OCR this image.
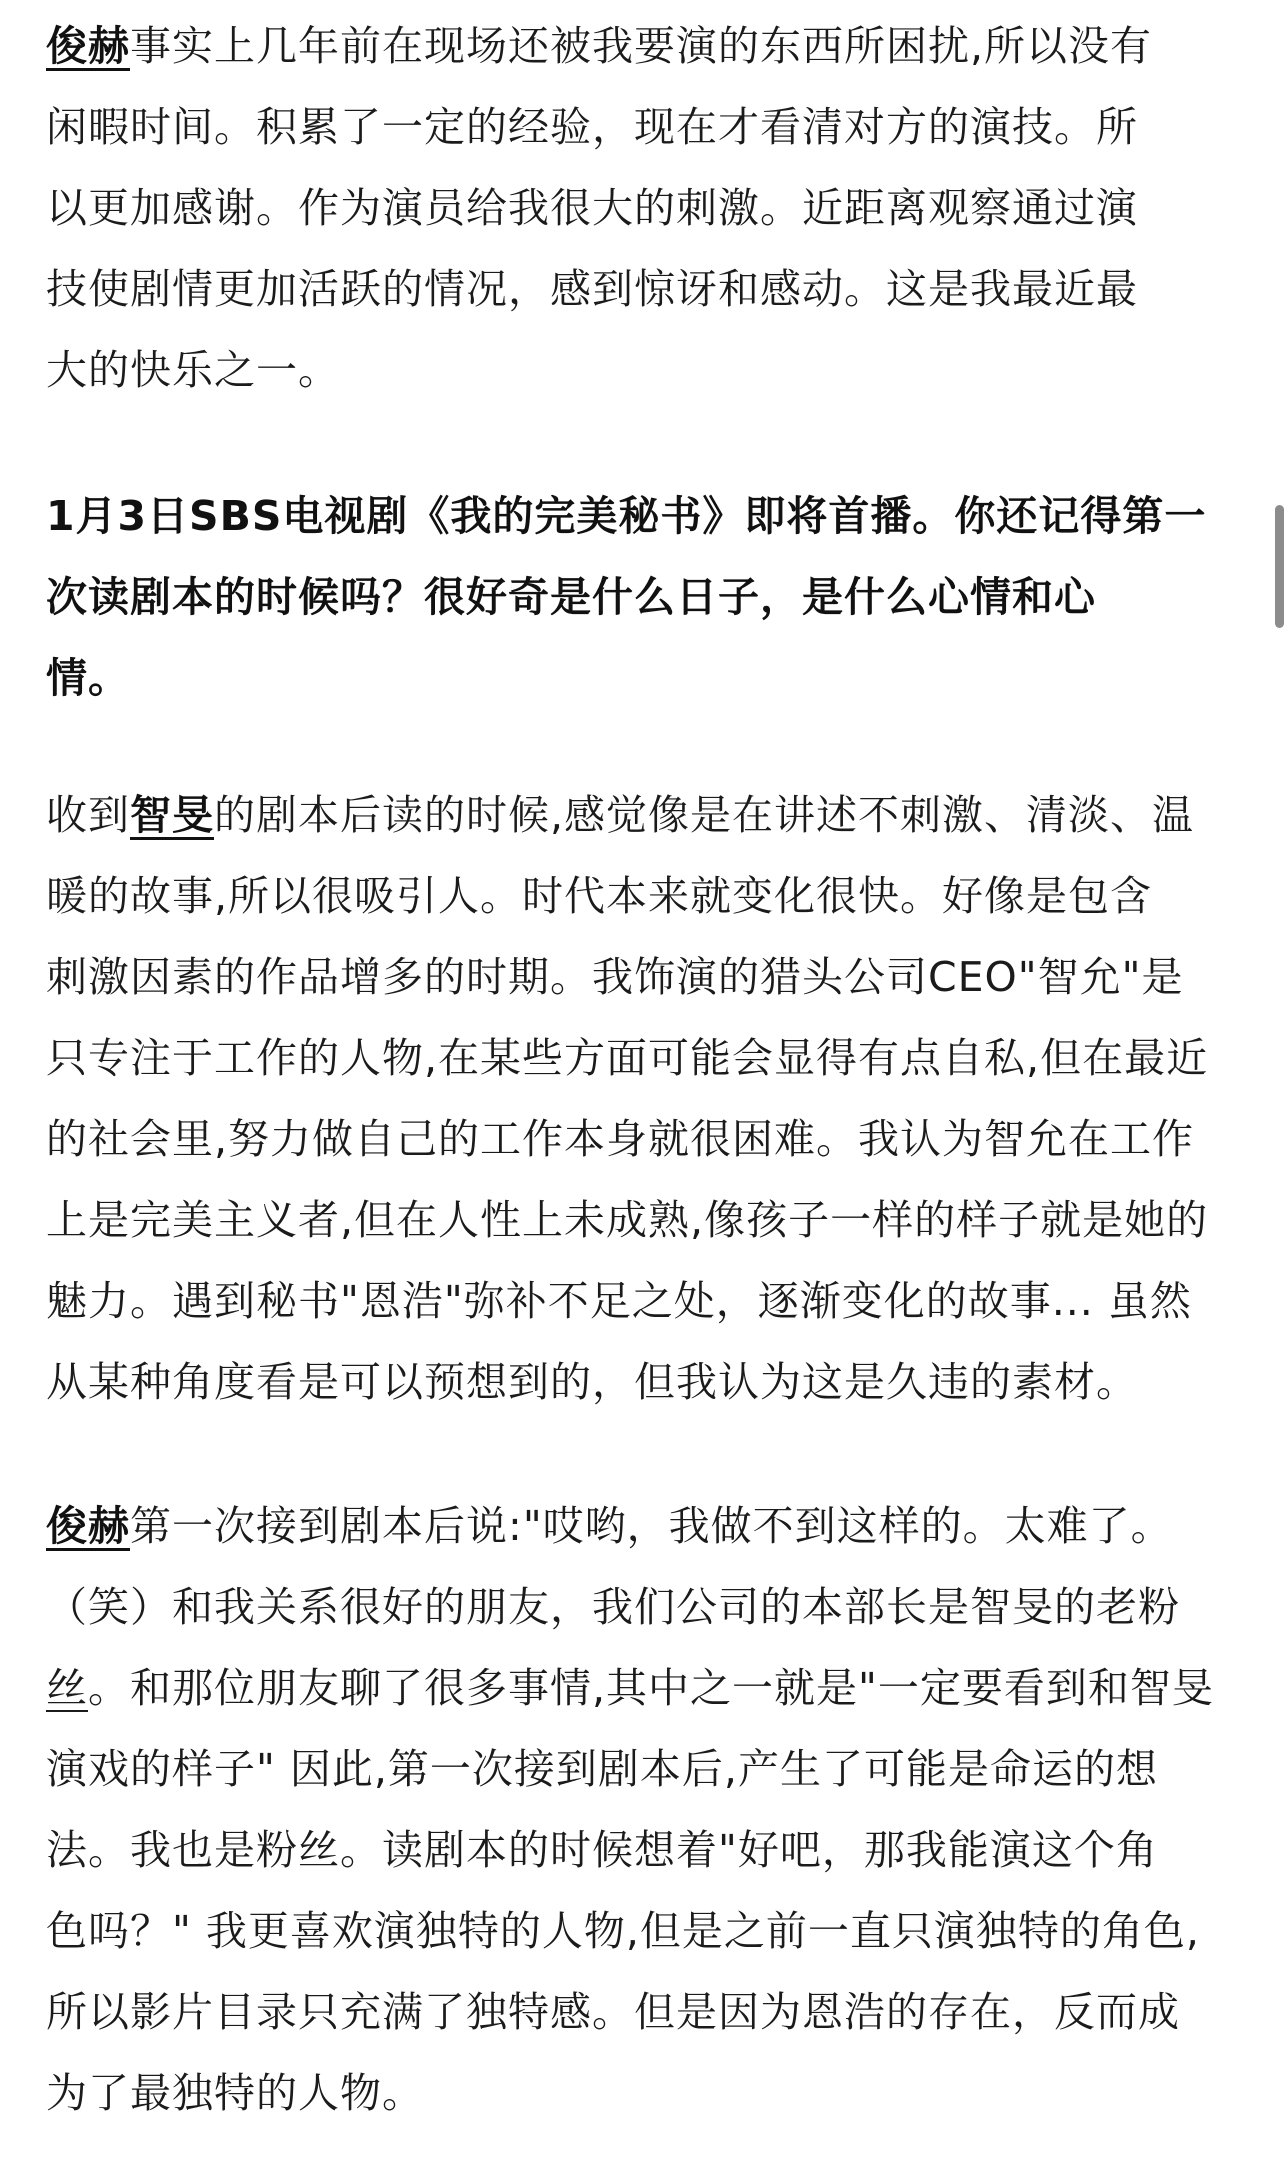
俊赫事实上几年前在现场还被我要演的东西所困扰,所以没有
闲暇时间。积累了一定的经验，现在才看清对方的演技。所
以更加感谢。作为演员给我很大的刺激。近距离观察通过演
技使剧情更加活跃的情况，感到惊讶和感动。这是我最近最
大的快乐之一。
1月3日SBS电视剧《我的完美秘书》即将首播。你还记得第一
次读剧本的时候吗？很好奇是什么日子，是什么心情和心
情。
收到智旻的剧本后读的时候,感觉像是在讲述不刺激、清淡、温
暖的故事,所以很吸引人。时代本来就变化很快。好像是包含
刺激因素的作品增多的时期。我饰演的猎头公司CEO"智允"是
只专注于工作的人物,在某些方面可能会显得有点自私,但在最近
的社会里,努力做自己的工作本身就很困难。我认为智允在工作
上是完美主义者,但在人性上未成熟,像孩子一样的样子就是她的
魅力。遇到秘书"恩浩"弥补不足之处，逐渐变化的故事... 虽然
从某种角度看是可以预想到的，但我认为这是久违的素材。
俊赫第一次接到剧本后说:"哎哟，我做不到这样的。太难了。
（笑）和我关系很好的朋友，我们公司的本部长是智旻的老粉
丝。和那位朋友聊了很多事情,其中之一就是"一定要看到和智旻
演戏的样子" 因此,第一次接到剧本后,产生了可能是命运的想
法。我也是粉丝。读剧本的时候想着"好吧，那我能演这个角
色吗？" 我更喜欢演独特的人物,但是之前一直只演独特的角色,
所以影片目录只充满了独特感。但是因为恩浩的存在，反而成
为了最独特的人物。
